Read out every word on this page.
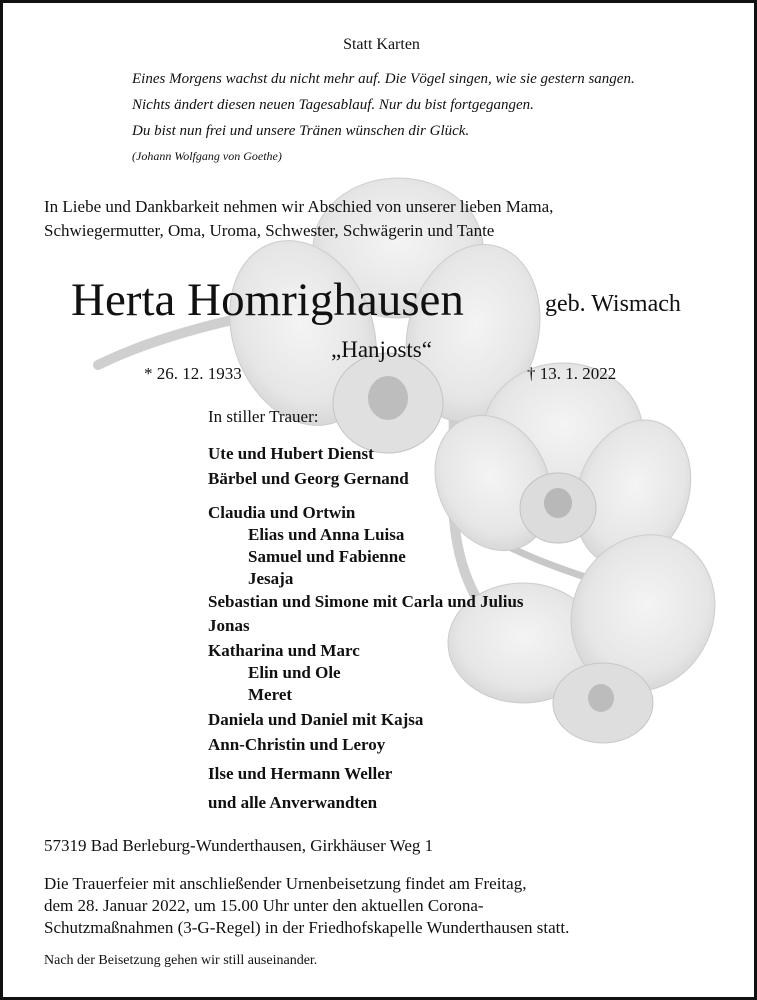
Statt Karten
Eines Morgens wachst du nicht mehr auf. Die Vögel singen, wie sie gestern sangen.
Nichts ändert diesen neuen Tagesablauf. Nur du bist fortgegangen.
Du bist nun frei und unsere Tränen wünschen dir Glück.
(Johann Wolfgang von Goethe)
In Liebe und Dankbarkeit nehmen wir Abschied von unserer lieben Mama,
Schwiegermutter, Oma, Uroma, Schwester, Schwägerin und Tante
Herta Homrighausen	geb. Wismach
„Hanjosts“
* 26. 12. 1933	† 13. 1. 2022
In stiller Trauer:
Ute und Hubert Dienst
Bärbel und Georg Gernand
Claudia und Ortwin
Elias und Anna Luisa
Samuel und Fabienne
Jesaja
Sebastian und Simone mit Carla und Julius
Jonas
Katharina und Marc
Elin und Ole
Meret
Daniela und Daniel mit Kajsa
Ann-Christin und Leroy
Ilse und Hermann Weller
und alle Anverwandten
57319 Bad Berleburg-Wunderthausen, Girkhäuser Weg 1
Die Trauerfeier mit anschließender Urnenbeisetzung findet am Freitag,
dem 28. Januar 2022, um 15.00 Uhr unter den aktuellen Corona-
Schutzmaßnahmen (3-G-Regel) in der Friedhofskapelle Wunderthausen statt.
Nach der Beisetzung gehen wir still auseinander.
